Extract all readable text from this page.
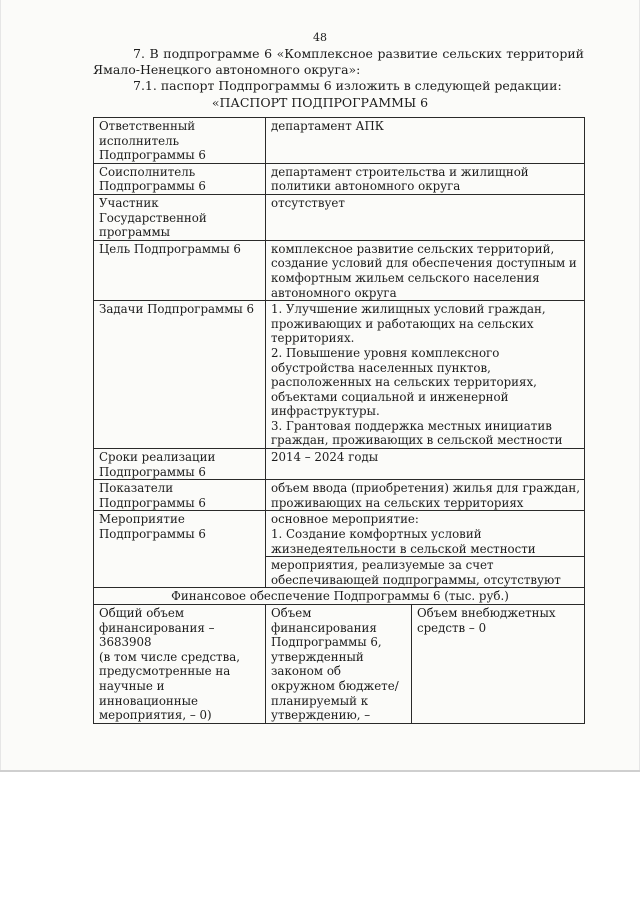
48
7. В подпрограмме 6 «Комплексное развитие сельских территорий
Ямало-Ненецкого автономного округа»:
7.1. паспорт Подпрограммы 6 изложить в следующей редакции:
«ПАСПОРТ ПОДПРОГРАММЫ 6
Ответственный исполнитель Подпрограммы 6	департамент АПК	
Соисполнитель Подпрограммы 6	департамент строительства и жилищной политики автономного округа	
Участник Государственной программы	отсутствует	
Цель Подпрограммы 6	комплексное развитие сельских территорий, создание условий для обеспечения доступным и комфортным жильем сельского населения автономного округа	
Задачи Подпрограммы 6	1. Улучшение жилищных условий граждан, проживающих и работающих на сельских территориях.
2. Повышение уровня комплексного обустройства населенных пунктов, расположенных на сельских территориях, объектами социальной и инженерной инфраструктуры.
3. Грантовая поддержка местных инициатив граждан, проживающих в сельской местности	

Сроки реализации Подпрограммы 6	2014 – 2024 годы	
Показатели Подпрограммы 6	объем ввода (приобретения) жилья для граждан, проживающих на сельских территориях	
Мероприятие Подпрограммы 6	основное мероприятие:
1. Создание комфортных условий жизнедеятельности в сельской местности	

	мероприятия, реализуемые за счет обеспечивающей подпрограммы, отсутствуют	
Финансовое обеспечение Подпрограммы 6 (тыс. руб.)		

Общий объем финансирования –
3683908
(в том числе средства, предусмотренные на научные и инновационные мероприятия, – 0)	Объем финансирования Подпрограммы 6, утвержденный законом об окружном бюджете/ планируемый к утверждению, –	Объем внебюджетных средств – 0
